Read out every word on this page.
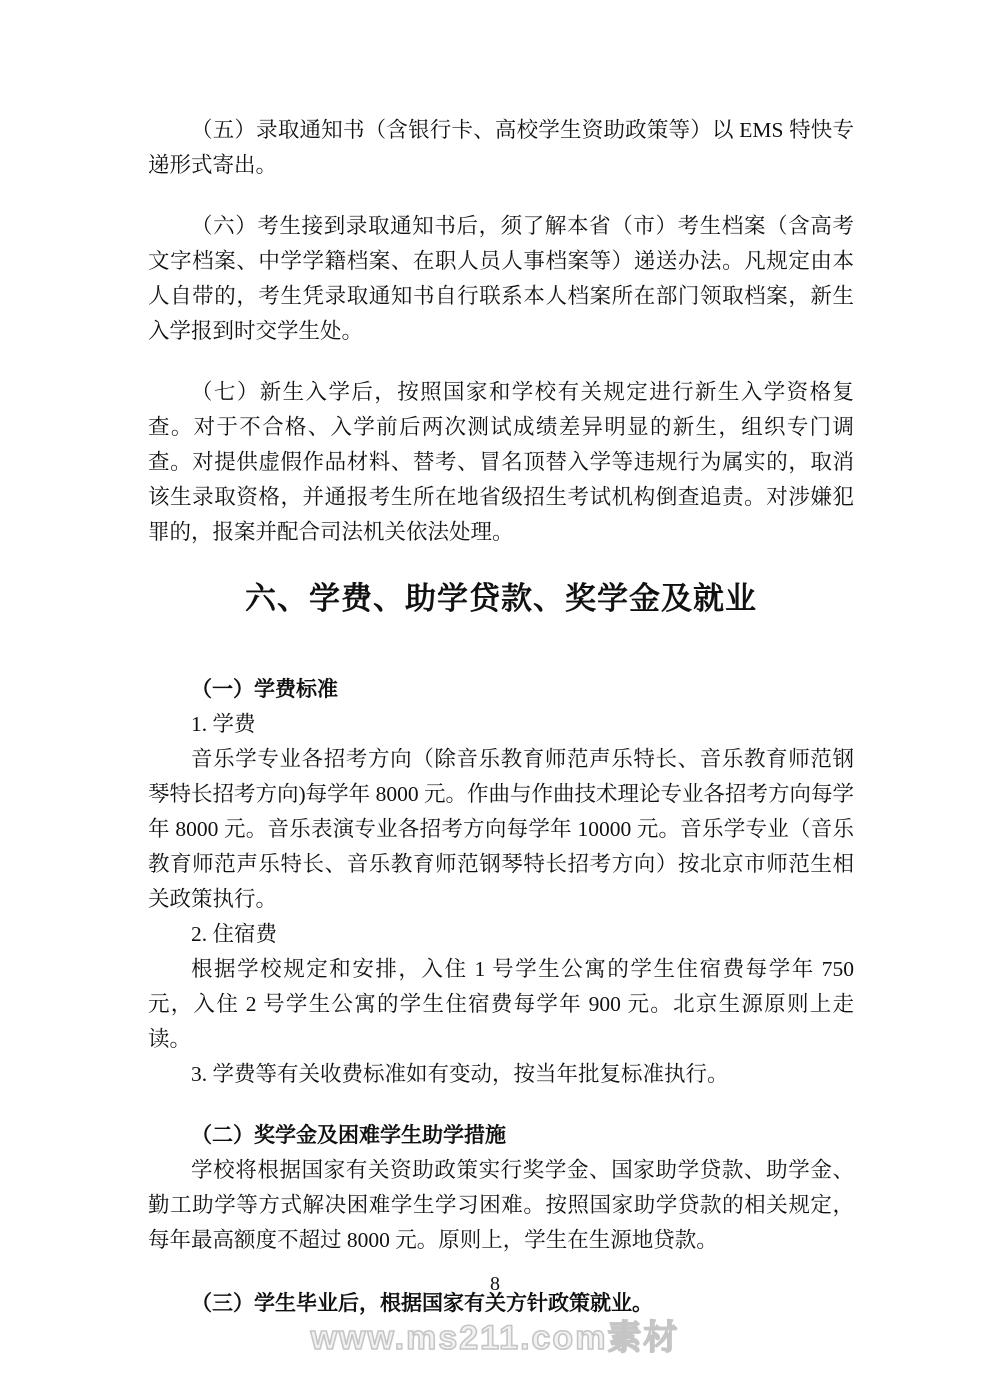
（五）录取通知书（含银行卡、高校学生资助政策等）以 EMS 特快专递形式寄出。

（六）考生接到录取通知书后，须了解本省（市）考生档案（含高考文字档案、中学学籍档案、在职人员人事档案等）递送办法。凡规定由本人自带的，考生凭录取通知书自行联系本人档案所在部门领取档案，新生入学报到时交学生处。

（七）新生入学后，按照国家和学校有关规定进行新生入学资格复查。对于不合格、入学前后两次测试成绩差异明显的新生，组织专门调查。对提供虚假作品材料、替考、冒名顶替入学等违规行为属实的，取消该生录取资格，并通报考生所在地省级招生考试机构倒查追责。对涉嫌犯罪的，报案并配合司法机关依法处理。

六、学费、助学贷款、奖学金及就业
（一）学费标准

1. 学费

音乐学专业各招考方向（除音乐教育师范声乐特长、音乐教育师范钢琴特长招考方向)每学年 8000 元。作曲与作曲技术理论专业各招考方向每学年 8000 元。音乐表演专业各招考方向每学年 10000 元。音乐学专业（音乐教育师范声乐特长、音乐教育师范钢琴特长招考方向）按北京市师范生相关政策执行。

2. 住宿费

根据学校规定和安排，入住 1 号学生公寓的学生住宿费每学年 750 元，入住 2 号学生公寓的学生住宿费每学年 900 元。北京生源原则上走读。

3. 学费等有关收费标准如有变动，按当年批复标准执行。

（二）奖学金及困难学生助学措施

学校将根据国家有关资助政策实行奖学金、国家助学贷款、助学金、勤工助学等方式解决困难学生学习困难。按照国家助学贷款的相关规定，每年最高额度不超过 8000 元。原则上，学生在生源地贷款。

（三）学生毕业后，根据国家有关方针政策就业。
8
www.ms211.com素材
